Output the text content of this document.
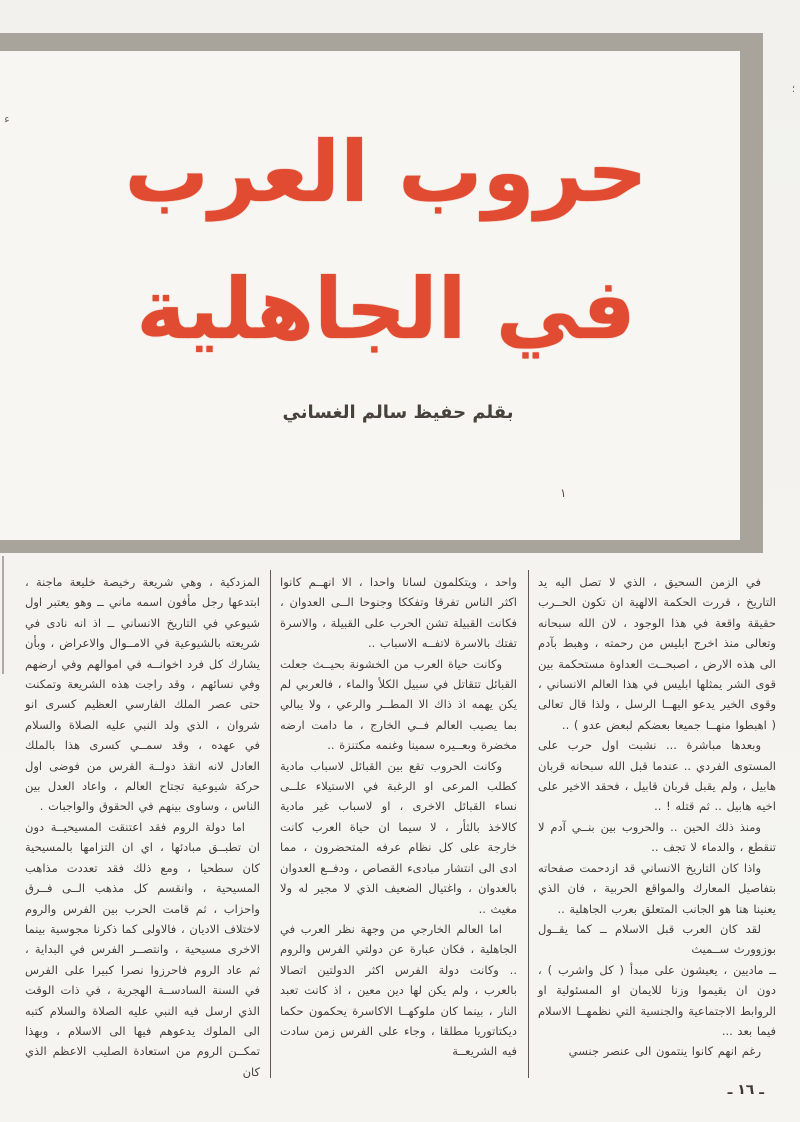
حروب العرب
في الجاهلية
بقلم حفيظ سالم الغساني
ء
؛
١

في الزمن السحيق ، الذي لا تصل اليه يد التاريخ ، قررت الحكمة الالهية ان تكون الحــرب حقيقة واقعة في هذا الوجود ، لان الله سبحانه وتعالى منذ اخرج ابليس من رحمته ، وهبط بآدم الى هذه الارض ، اصبحــت العداوة مستحكمة بين قوى الشر يمثلها ابليس في هذا العالم الانساني ، وقوى الخير يدعو اليهــا الرسل ، ولذا قال تعالى ( اهبطوا منهــا جميعا بعضكم لبعض عدو ) ..

وبعدها مباشرة ... نشبت اول حرب على المستوى الفردي .. عندما قبل الله سبحانه قربان هابيل ، ولم يقبل قربان قابيل ، فحقد الاخير على اخيه هابيل .. ثم قتله ! ..

ومنذ ذلك الحين .. والحروب بين بنــي آدم لا تنقطع ، والدماء لا تجف ..

واذا كان التاريخ الانساني قد ازدحمت صفحاته بتفاصيل المعارك والمواقع الحربية ، فان الذي يعنينا هنا هو الجانب المتعلق بعرب الجاهلية ..

لقد كان العرب قبل الاسلام ــ كما يقــول بوزوورث ســميث

ــ ماديين ، يعيشون على مبدأ ( كل واشرب ) ، دون ان يقيموا وزنا للايمان او المسئولية او الروابط الاجتماعية والجنسية التي نظمهــا الاسلام فيما بعد ...

رغم انهم كانوا ينتمون الى عنصر جنسي

واحد ، ويتكلمون لسانا واحدا ، الا انهــم كانوا اكثر الناس تفرقا وتفككا وجنوحا الــى العدوان ، فكانت القبيلة تشن الحرب على القبيلة ، والاسرة تفتك بالاسرة لاتفــه الاسباب ..

وكانت حياة العرب من الخشونة بحيــث جعلت القبائل تتقاتل في سبيل الكلأ والماء ، فالعربي لم يكن يهمه اذ ذاك الا المطــر والرعي ، ولا يبالي بما يصيب العالم فــي الخارج ، ما دامت ارضه مخضرة وبعــيره سمينا وغنمه مكتنزة ..

وكانت الحروب تقع بين القبائل لاسباب مادية كطلب المرعى او الرغبة في الاستيلاء علــى نساء القبائل الاخرى ، او لاسباب غير مادية كالاخذ بالثأر ، لا سيما ان حياة العرب كانت خارجة على كل نظام عرفه المتحضرون ، مما ادى الى انتشار مبادىء القصاص ، ودفــع العدوان بالعدوان ، واغتيال الضعيف الذي لا مجير له ولا مغيث ..

اما العالم الخارجي من وجهة نظر العرب في الجاهلية ، فكان عبارة عن دولتي الفرس والروم .. وكانت دولة الفرس اكثر الدولتين اتصالا بالعرب ، ولم يكن لها دين معين ، اذ كانت تعبد النار ، بينما كان ملوكهــا الاكاسرة يحكمون حكما ديكتاتوريا مطلقا ، وجاء على الفرس زمن سادت فيه الشريعــة

المزدكية ، وهي شريعة رخيصة خليعة ماجنة ، ابتدعها رجل مأفون اسمه ماني ــ وهو يعتبر اول شيوعي في التاريخ الانساني ــ اذ انه نادى في شريعته بالشيوعية في الامــوال والاعراض ، وبأن يشارك كل فرد اخوانــه في اموالهم وفي ارضهم وفي نسائهم ، وقد راجت هذه الشريعة وتمكنت حتى عصر الملك الفارسي العظيم كسرى انو شروان ، الذي ولد النبي عليه الصلاة والسلام في عهده ، وقد سمــي كسرى هذا بالملك العادل لانه انقذ دولــة الفرس من فوضى اول حركة شيوعية تجتاح العالم ، واعاد العدل بين الناس ، وساوى بينهم في الحقوق والواجبات .

اما دولة الروم فقد اعتنقت المسيحيــة دون ان تطبــق مبادئها ، اي ان التزامها بالمسيحية كان سطحيا ، ومع ذلك فقد تعددت مذاهب المسيحية ، وانقسم كل مذهب الــى فــرق واحزاب ، ثم قامت الحرب بين الفرس والروم لاختلاف الاديان ، فالاولى كما ذكرنا مجوسية بينما الاخرى مسيحية ، وانتصــر الفرس في البداية ، ثم عاد الروم فاحرزوا نصرا كبيرا على الفرس في السنة السادســة الهجرية ، في ذات الوقت الذي ارسل فيه النبي عليه الصلاة والسلام كتبه الى الملوك يدعوهم فيها الى الاسلام ، وبهذا تمكــن الروم من استعادة الصليب الاعظم الذي كان

ـ ١٦ ـ
